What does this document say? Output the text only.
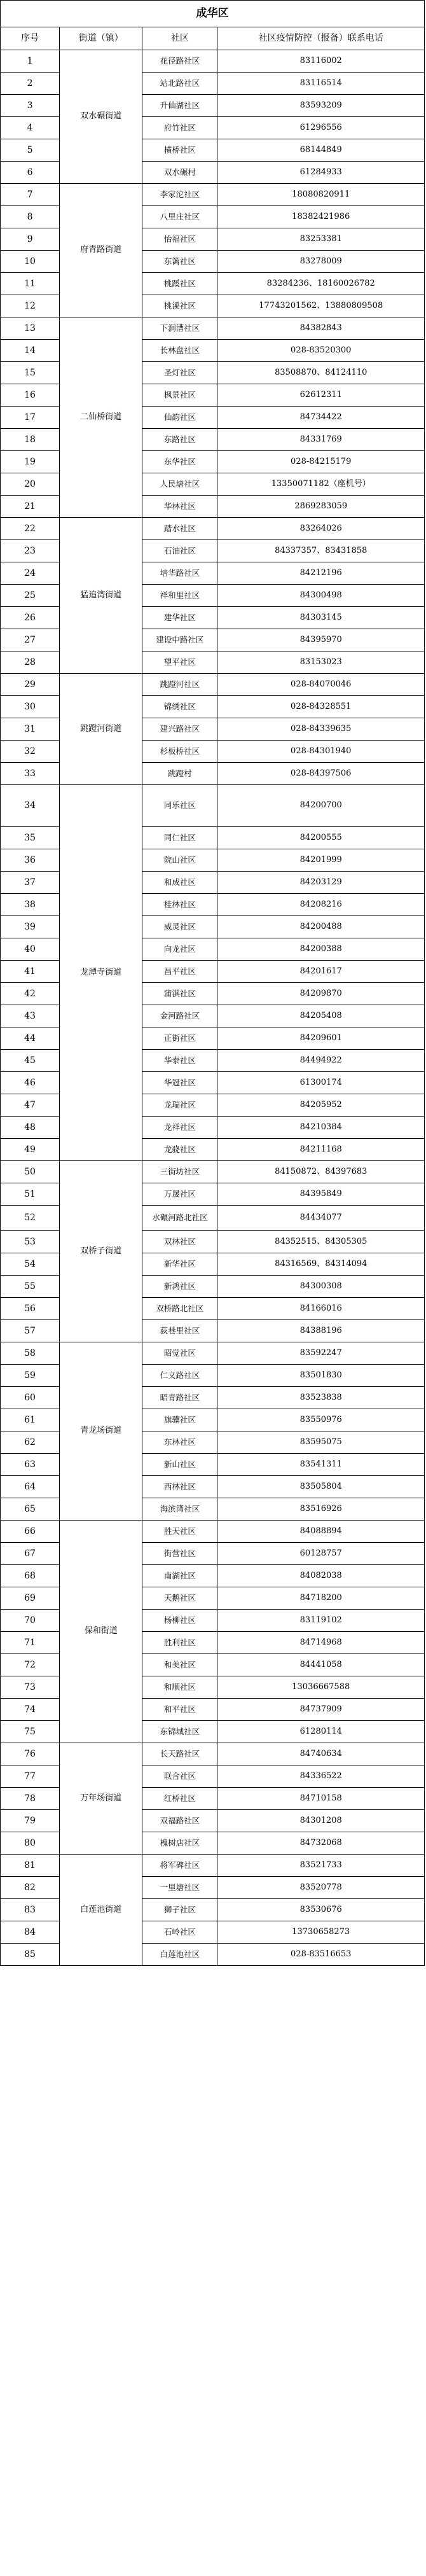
成华区			
序号	街道（镇）	社区	社区疫情防控（报备）联系电话
1	双水碾街道	花径路社区	83116002
2		站北路社区	83116514
3		升仙湖社区	83593209
4		府竹社区	61296556
5		横桥社区	68144849
6		双水碾村	61284933
7	府青路街道	李家沱社区	18080820911
8		八里庄社区	18382421986
9		怡福社区	83253381
10		东篱社区	83278009
11		桃蹊社区	83284236、18160026782
12		桃溪社区	17743201562、13880809508
13	二仙桥街道	下涧漕社区	84382843
14		长林盘社区	028-83520300
15		圣灯社区	83508870、84124110
16		枫景社区	62612311
17		仙韵社区	84734422
18		东路社区	84331769
19		东华社区	028-84215179
20		人民塘社区	13350071182（座机号）
21		华林社区	2869283059
22	猛追湾街道	踏水社区	83264026
23		石油社区	84337357、83431858
24		培华路社区	84212196
25		祥和里社区	84300498
26		建华社区	84303145
27		建设中路社区	84395970
28		望平社区	83153023
29	跳蹬河街道	跳蹬河社区	028-84070046
30		锦绣社区	028-84328551
31		建兴路社区	028-84339635
32		杉板桥社区	028-84301940
33		跳蹬村	028-84397506
34	龙潭寺街道	同乐社区	84200700
35		同仁社区	84200555
36		院山社区	84201999
37		和成社区	84203129
38		桂林社区	84208216
39		威灵社区	84200488
40		向龙社区	84200388
41		昌平社区	84201617
42		蒲淇社区	84209870
43		金河路社区	84205408
44		正街社区	84209601
45		华泰社区	84494922
46		华冠社区	61300174
47		龙瑞社区	84205952
48		龙祥社区	84210384
49		龙骁社区	84211168
50	双桥子街道	三街坊社区	84150872、84397683
51		万晟社区	84395849
52		水碾河路北社区	84434077
53		双林社区	84352515、84305305
54		新华社区	84316569、84314094
55		新鸿社区	84300308
56		双桥路北社区	84166016
57		荻巷里社区	84388196
58	青龙场街道	昭觉社区	83592247
59		仁义路社区	83501830
60		昭青路社区	83523838
61		旗骥社区	83550976
62		东林社区	83595075
63		新山社区	83541311
64		西林社区	83505804
65		海滨湾社区	83516926
66	保和街道	胜天社区	84088894
67		街营社区	60128757
68		南湖社区	84082038
69		天鹅社区	84718200
70		杨柳社区	83119102
71		胜利社区	84714968
72		和美社区	84441058
73		和顺社区	13036667588
74		和平社区	84737909
75		东锦城社区	61280114
76	万年场街道	长天路社区	84740634
77		联合社区	84336522
78		红桥社区	84710158
79		双福路社区	84301208
80		槐树店社区	84732068
81	白莲池街道	将军碑社区	83521733
82		一里塘社区	83520778
83		狮子社区	83530676
84		石岭社区	13730658273
85		白莲池社区	028-83516653
